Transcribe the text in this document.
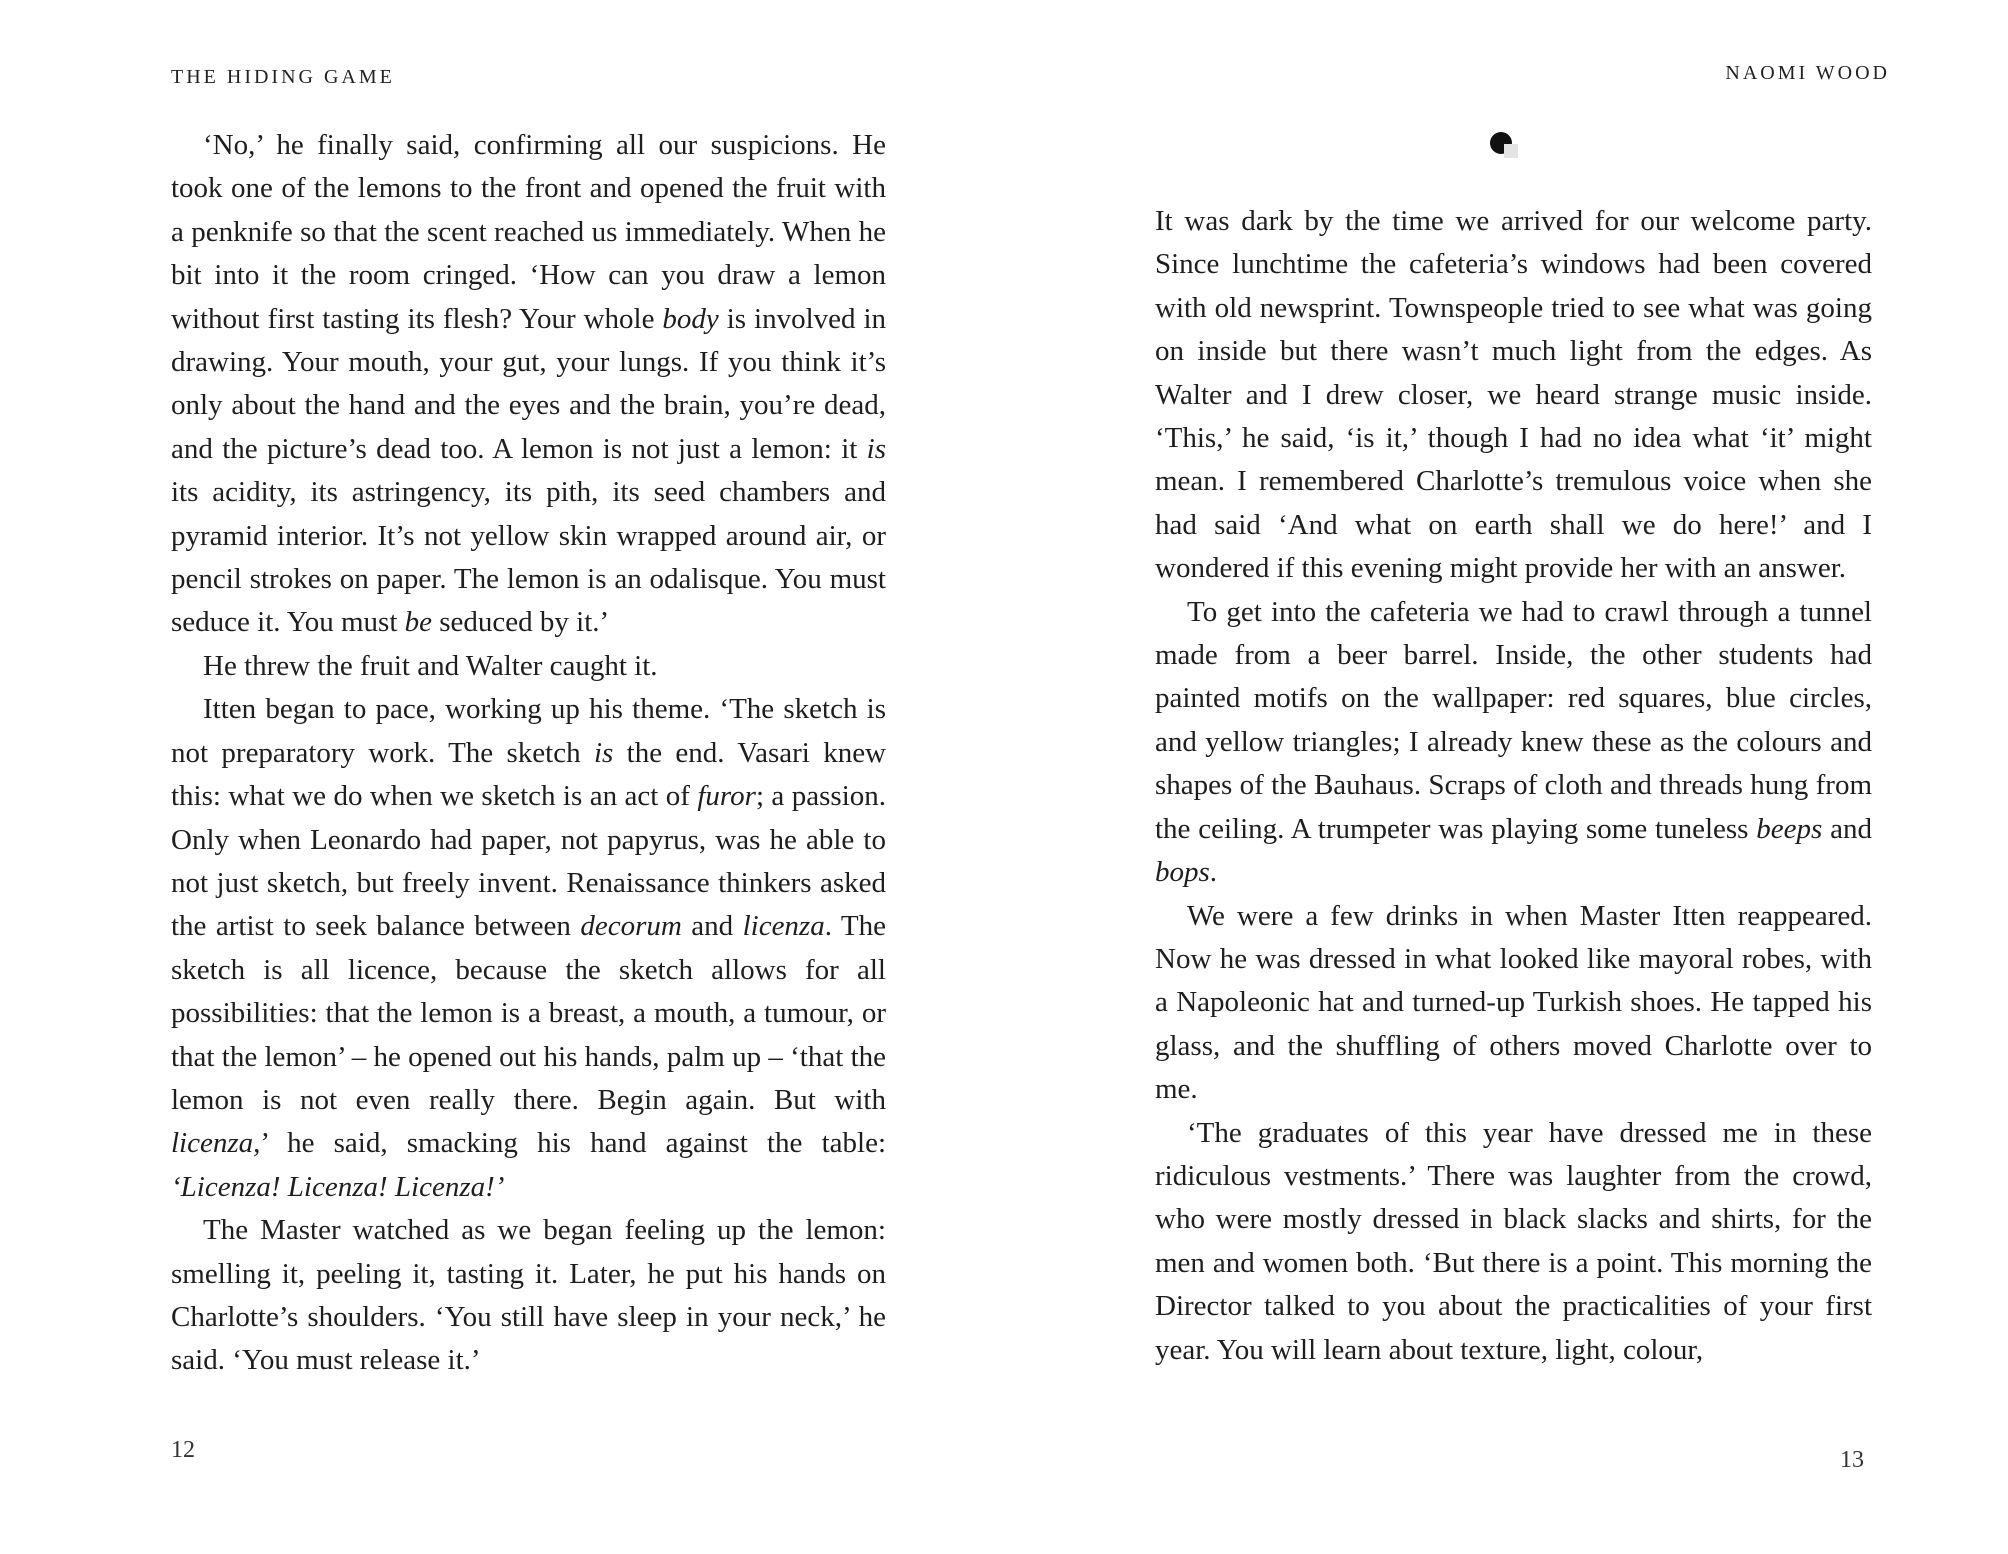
THE HIDING GAME

‘No,’ he finally said, confirming all our suspicions. He took one of the lemons to the front and opened the fruit with a penknife so that the scent reached us immediately. When he bit into it the room cringed. ‘How can you draw a lemon without first tasting its flesh? Your whole body is involved in drawing. Your mouth, your gut, your lungs. If you think it’s only about the hand and the eyes and the brain, you’re dead, and the picture’s dead too. A lemon is not just a lemon: it is its acidity, its astringency, its pith, its seed chambers and pyramid interior. It’s not yellow skin wrapped around air, or pencil strokes on paper. The lemon is an odalisque. You must seduce it. You must be seduced by it.’

He threw the fruit and Walter caught it.

Itten began to pace, working up his theme. ‘The sketch is not preparatory work. The sketch is the end. Vasari knew this: what we do when we sketch is an act of furor; a passion. Only when Leonardo had paper, not papyrus, was he able to not just sketch, but freely invent. Renaissance thinkers asked the artist to seek balance between decorum and licenza. The sketch is all licence, because the sketch allows for all possibilities: that the lemon is a breast, a mouth, a tumour, or that the lemon’ – he opened out his hands, palm up – ‘that the lemon is not even really there. Begin again. But with licenza,’ he said, smacking his hand against the table: ‘Licenza! Licenza! Licenza!’

The Master watched as we began feeling up the lemon: smelling it, peeling it, tasting it. Later, he put his hands on Charlotte’s shoulders. ‘You still have sleep in your neck,’ he said. ‘You must release it.’

12
NAOMI WOOD

It was dark by the time we arrived for our welcome party. Since lunchtime the cafeteria’s windows had been covered with old newsprint. Townspeople tried to see what was going on inside but there wasn’t much light from the edges. As Walter and I drew closer, we heard strange music inside. ‘This,’ he said, ‘is it,’ though I had no idea what ‘it’ might mean. I remembered Charlotte’s tremulous voice when she had said ‘And what on earth shall we do here!’ and I wondered if this evening might provide her with an answer.

To get into the cafeteria we had to crawl through a tunnel made from a beer barrel. Inside, the other students had painted motifs on the wallpaper: red squares, blue circles, and yellow triangles; I already knew these as the colours and shapes of the Bauhaus. Scraps of cloth and threads hung from the ceiling. A trumpeter was playing some tuneless beeps and bops.

We were a few drinks in when Master Itten reappeared. Now he was dressed in what looked like mayoral robes, with a Napoleonic hat and turned-up Turkish shoes. He tapped his glass, and the shuffling of others moved Charlotte over to me.

‘The graduates of this year have dressed me in these ridiculous vestments.’ There was laughter from the crowd, who were mostly dressed in black slacks and shirts, for the men and women both. ‘But there is a point. This morning the Director talked to you about the practicalities of your first year. You will learn about texture, light, colour,

13
